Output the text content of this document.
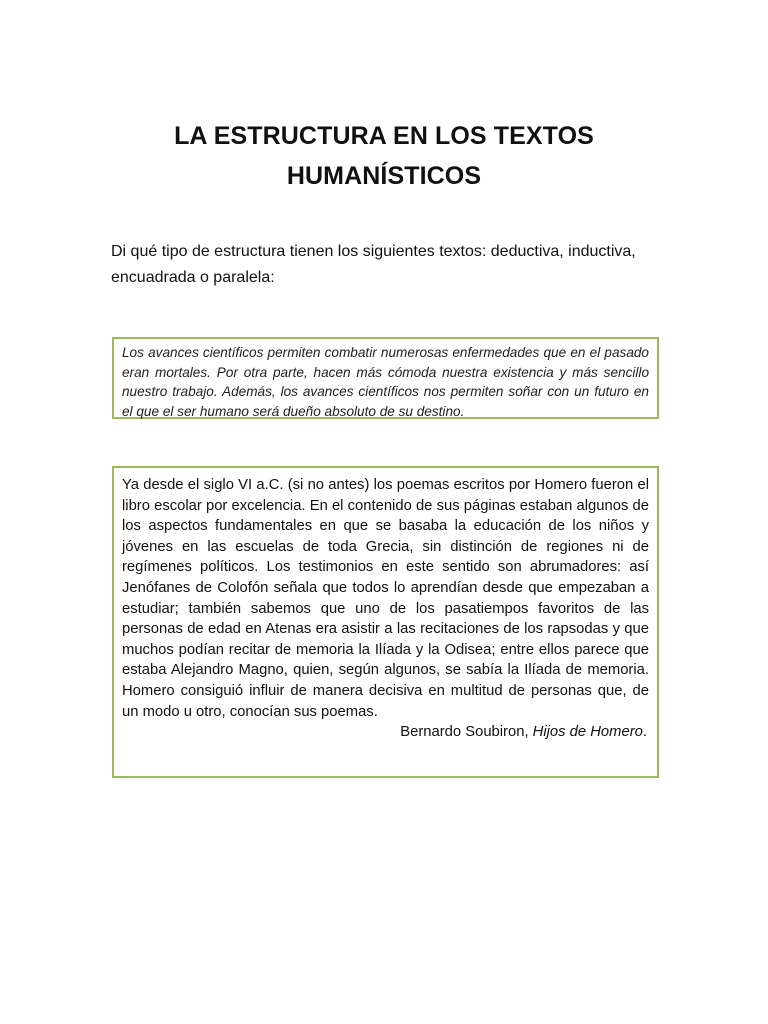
LA ESTRUCTURA EN LOS TEXTOS
HUMANÍSTICOS
Di qué tipo de estructura tienen los siguientes textos: deductiva, inductiva, encuadrada o paralela:

Los avances científicos permiten combatir numerosas enfermedades que en el pasado eran mortales. Por otra parte, hacen más cómoda nuestra existencia y más sencillo nuestro trabajo. Además, los avances científicos nos permiten soñar con un futuro en el que el ser humano será dueño absoluto de su destino.

Ya desde el siglo VI a.C. (si no antes) los poemas escritos por Homero fueron el libro escolar por excelencia. En el contenido de sus páginas estaban algunos de los aspectos fundamentales en que se basaba la educación de los niños y jóvenes en las escuelas de toda Grecia, sin distinción de regiones ni de regímenes políticos. Los testimonios en este sentido son abrumadores: así Jenófanes de Colofón señala que todos lo aprendían desde que empezaban a estudiar; también sabemos que uno de los pasatiempos favoritos de las personas de edad en Atenas era asistir a las recitaciones de los rapsodas y que muchos podían recitar de memoria la Ilíada y la Odisea; entre ellos parece que estaba Alejandro Magno, quien, según algunos, se sabía la Ilíada de memoria. Homero consiguió influir de manera decisiva en multitud de personas que, de un modo u otro, conocían sus poemas.

Bernardo Soubiron, Hijos de Homero.
